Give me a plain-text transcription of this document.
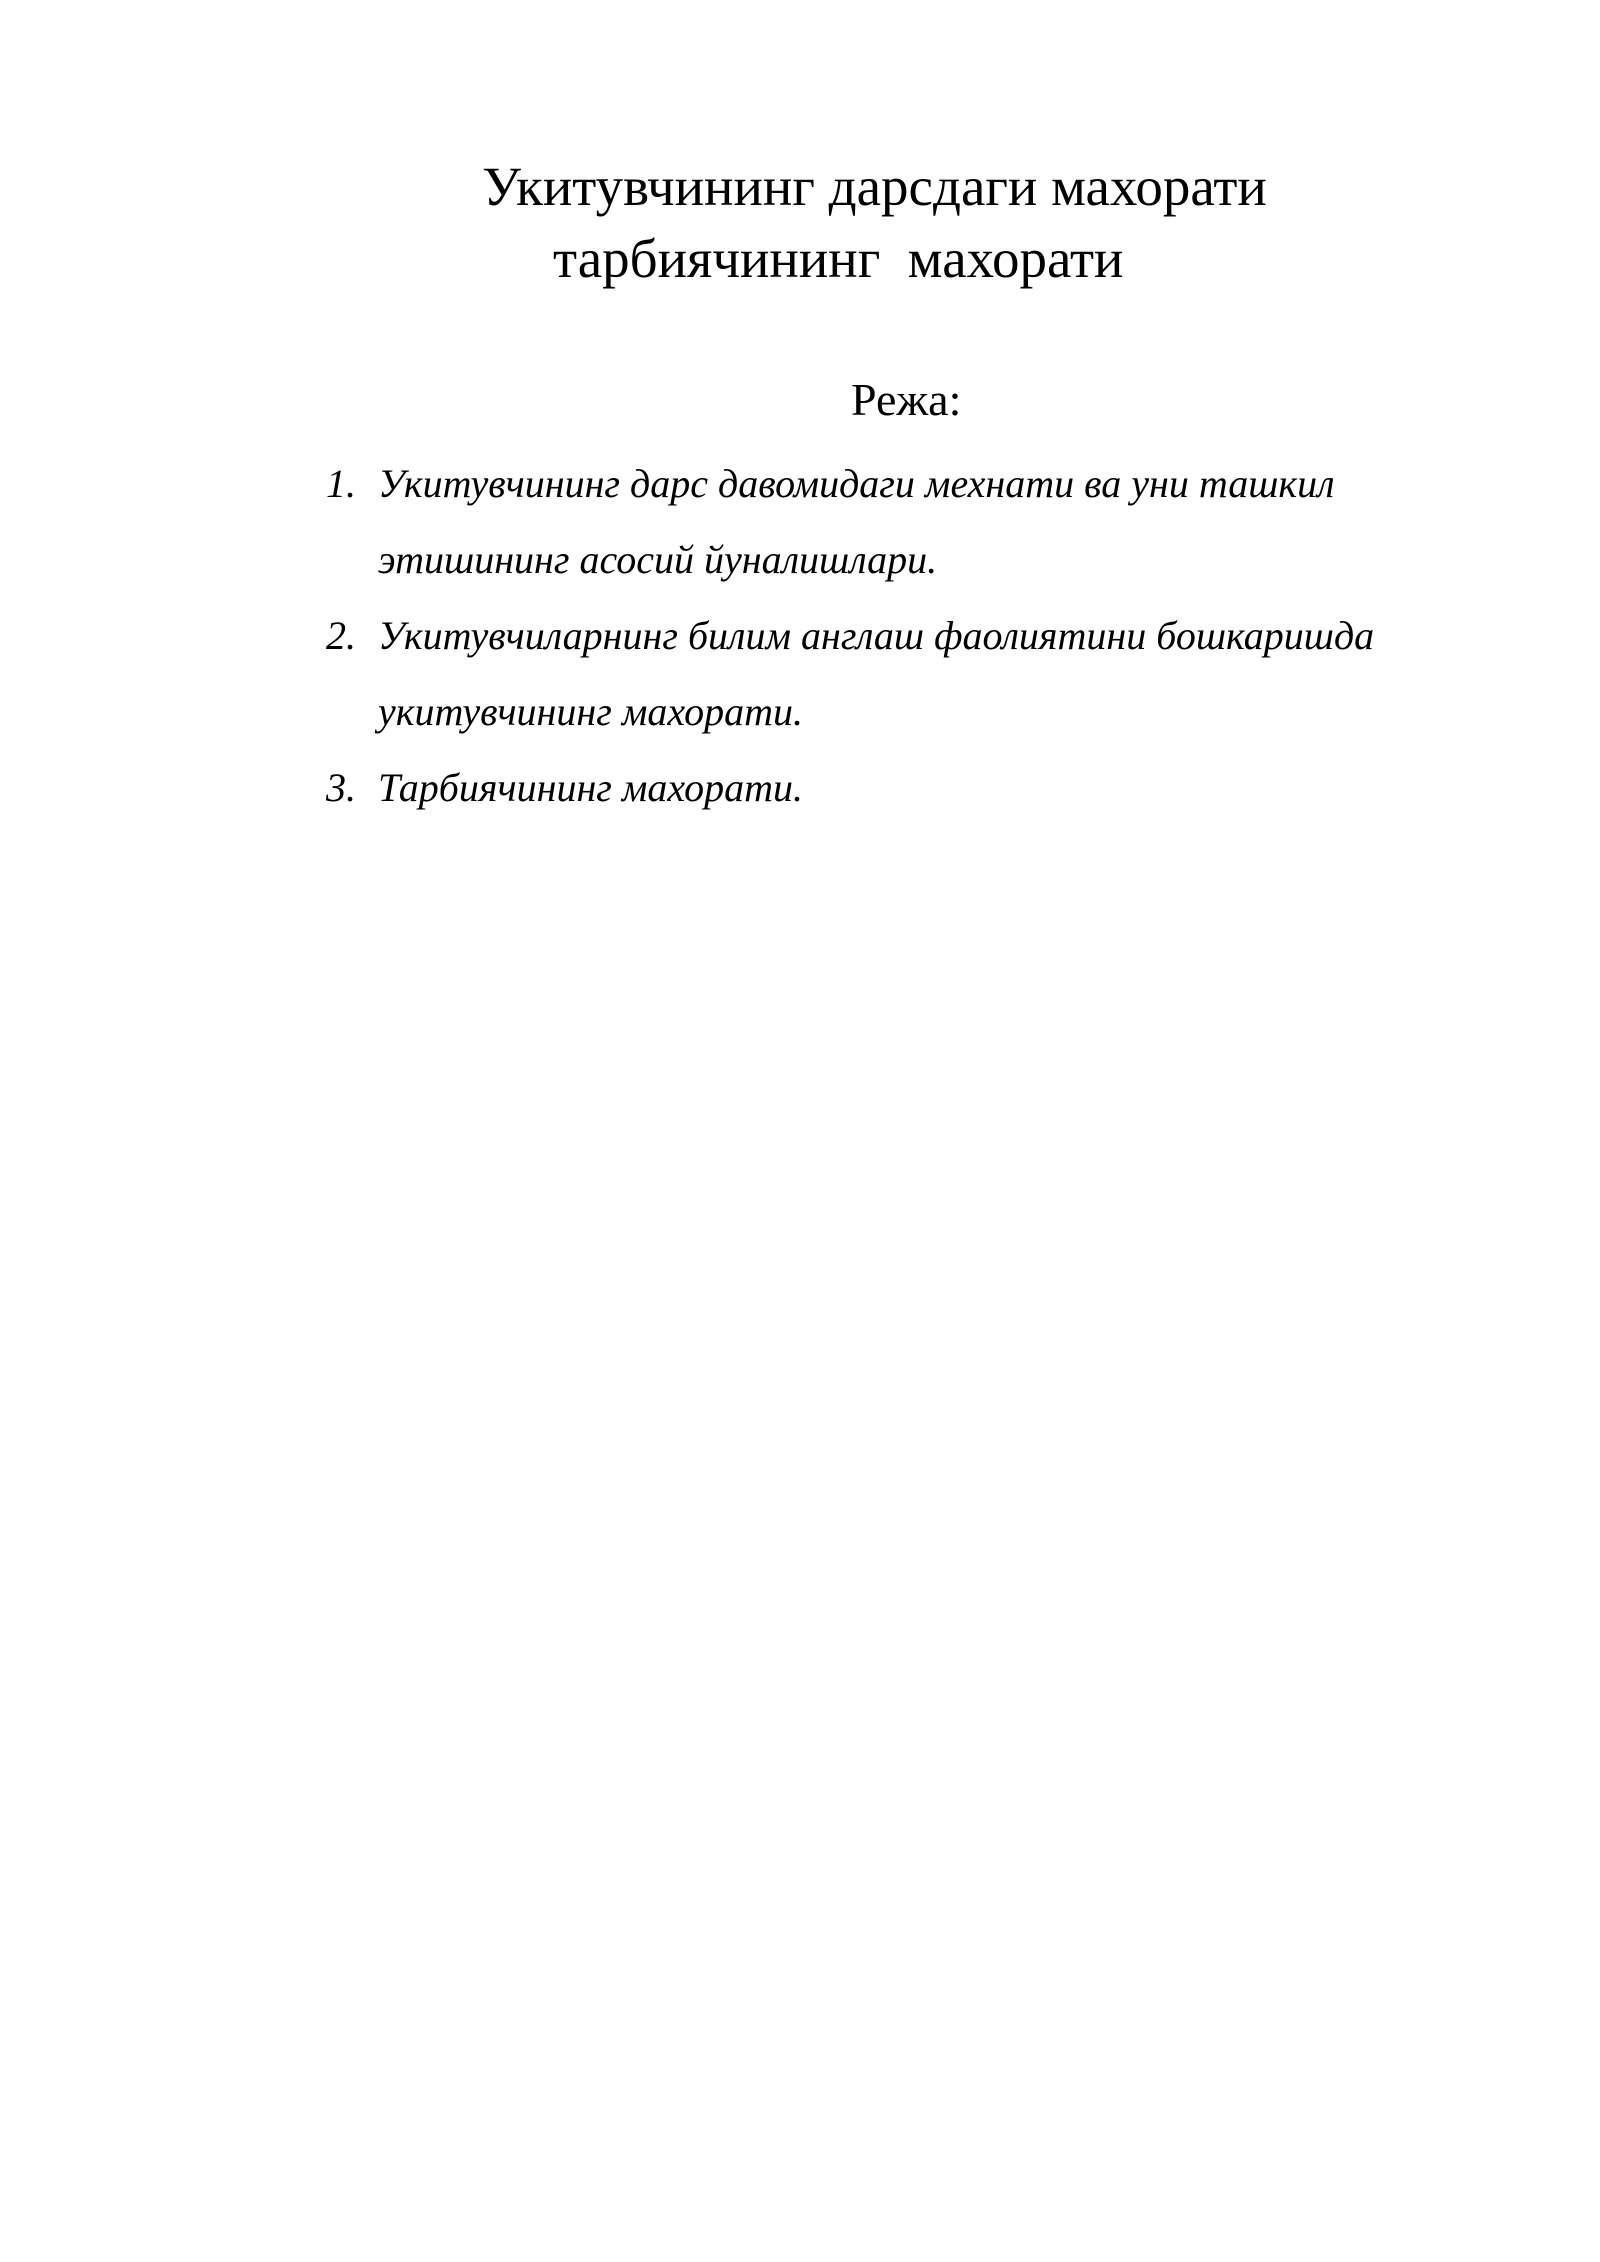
Укитувчининг дарсдаги махорати
тарбиячининг  махорати
Режа:
1. Укитувчининг дарс давомидаги мехнати ва уни ташкил
этишининг асосий йуналишлари.
2. Укитувчиларнинг билим англаш фаолиятини бошкаришда
укитувчининг махорати.
3. Тарбиячининг махорати.
